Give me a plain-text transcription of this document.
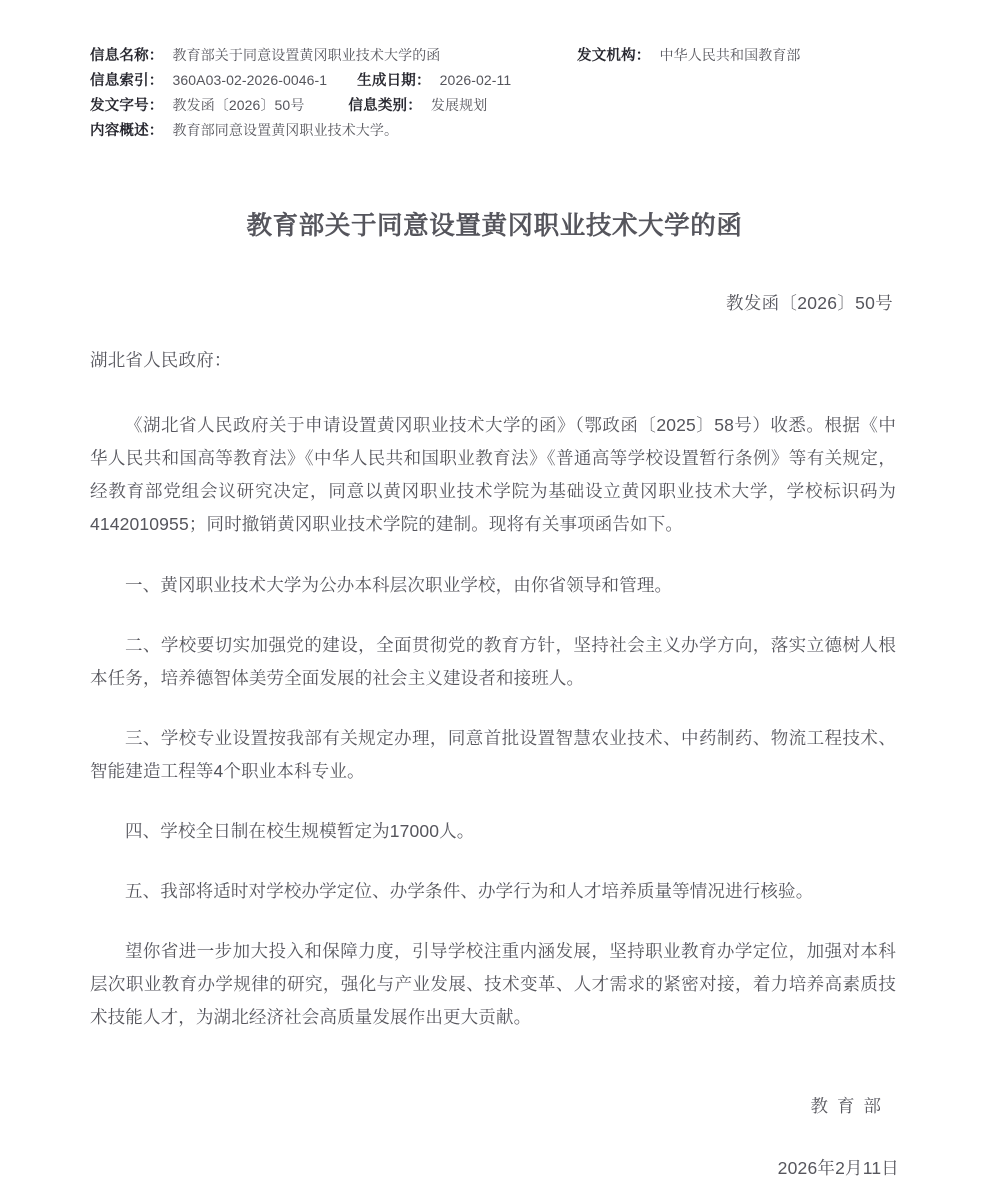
信息名称： 教育部关于同意设置黄冈职业技术大学的函
信息索引： 360A03-02-2026-0046-1 生成日期： 2026-02-11
发文字号： 教发函〔2026〕50号	信息类别： 发展规划
内容概述： 教育部同意设置黄冈职业技术大学。
发文机构： 中华人民共和国教育部
教育部关于同意设置黄冈职业技术大学的函
教发函〔2026〕50号

湖北省人民政府：

《湖北省人民政府关于申请设置黄冈职业技术大学的函》（鄂政函〔2025〕58号）收悉。根据《中华人民共和国高等教育法》《中华人民共和国职业教育法》《普通高等学校设置暂行条例》等有关规定，经教育部党组会议研究决定，同意以黄冈职业技术学院为基础设立黄冈职业技术大学，学校标识码为4142010955；同时撤销黄冈职业技术学院的建制。现将有关事项函告如下。

一、黄冈职业技术大学为公办本科层次职业学校，由你省领导和管理。

二、学校要切实加强党的建设，全面贯彻党的教育方针，坚持社会主义办学方向，落实立德树人根本任务，培养德智体美劳全面发展的社会主义建设者和接班人。

三、学校专业设置按我部有关规定办理，同意首批设置智慧农业技术、中药制药、物流工程技术、智能建造工程等4个职业本科专业。

四、学校全日制在校生规模暂定为17000人。

五、我部将适时对学校办学定位、办学条件、办学行为和人才培养质量等情况进行核验。

望你省进一步加大投入和保障力度，引导学校注重内涵发展，坚持职业教育办学定位，加强对本科层次职业教育办学规律的研究，强化与产业发展、技术变革、人才需求的紧密对接，着力培养高素质技术技能人才，为湖北经济社会高质量发展作出更大贡献。

教育部
2026年2月11日
